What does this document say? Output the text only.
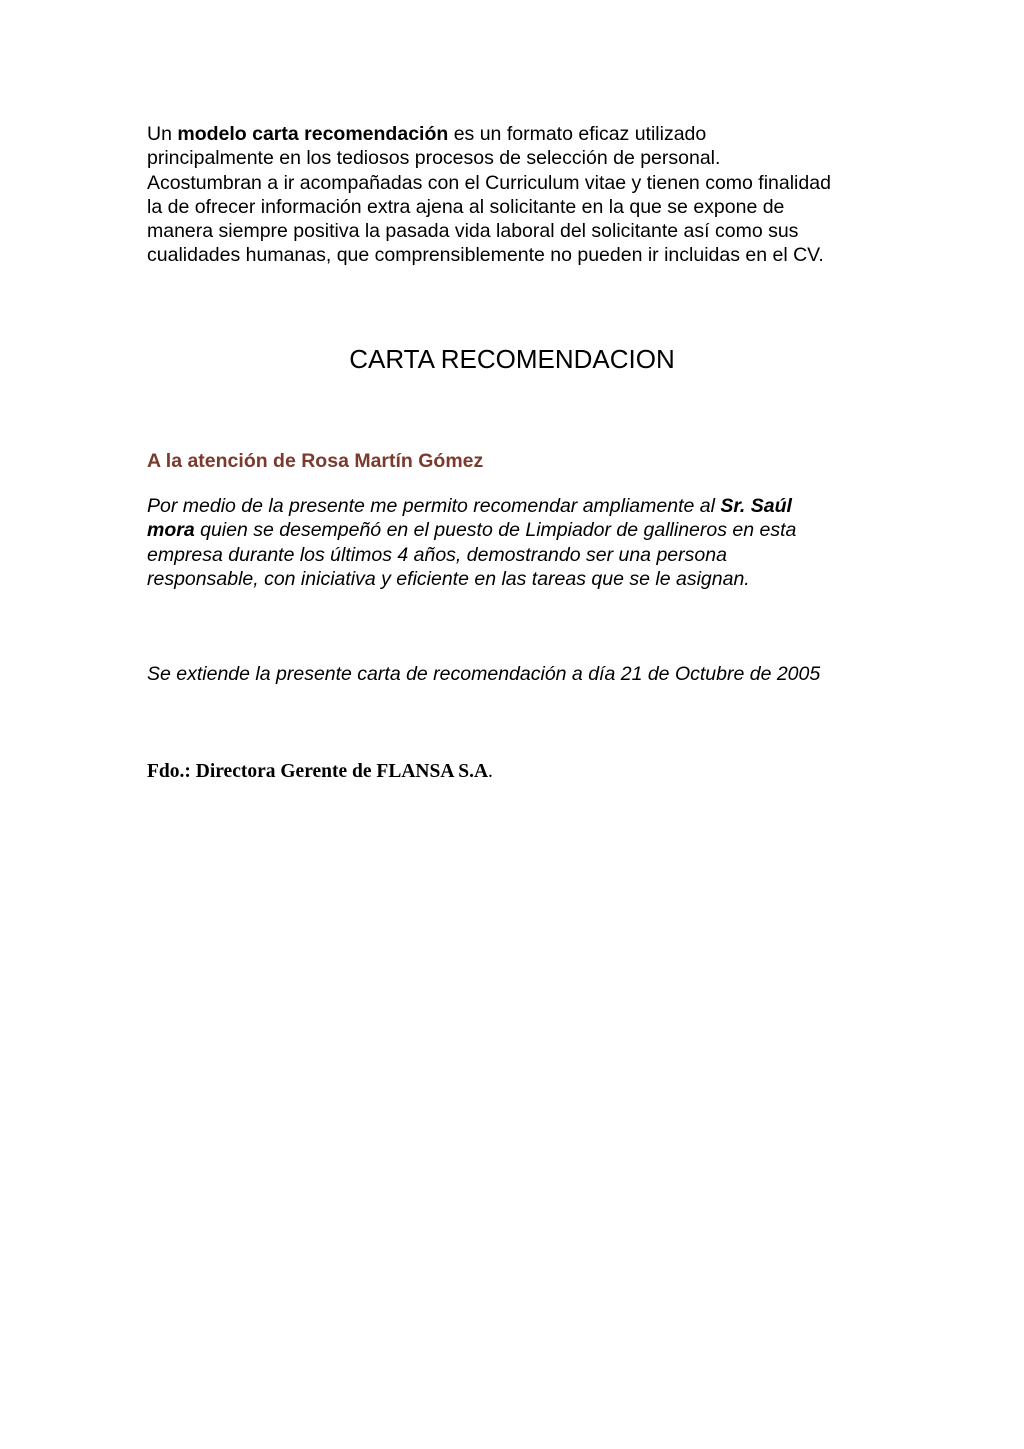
Un modelo carta recomendación es un formato eficaz utilizado
principalmente en los tediosos procesos de selección de personal.
Acostumbran a ir acompañadas con el Curriculum vitae y tienen como finalidad
la de ofrecer información extra ajena al solicitante en la que se expone de
manera siempre positiva la pasada vida laboral del solicitante así como sus
cualidades humanas, que comprensiblemente no pueden ir incluidas en el CV.

CARTA RECOMENDACION
A la atención de Rosa Martín Gómez

Por medio de la presente me permito recomendar ampliamente al Sr. Saúl
mora quien se desempeñó en el puesto de Limpiador de gallineros en esta
empresa durante los últimos 4 años, demostrando ser una persona
responsable, con iniciativa y eficiente en las tareas que se le asignan.

Se extiende la presente carta de recomendación a día 21 de Octubre de 2005
Fdo.: Directora Gerente de FLANSA S.A.
